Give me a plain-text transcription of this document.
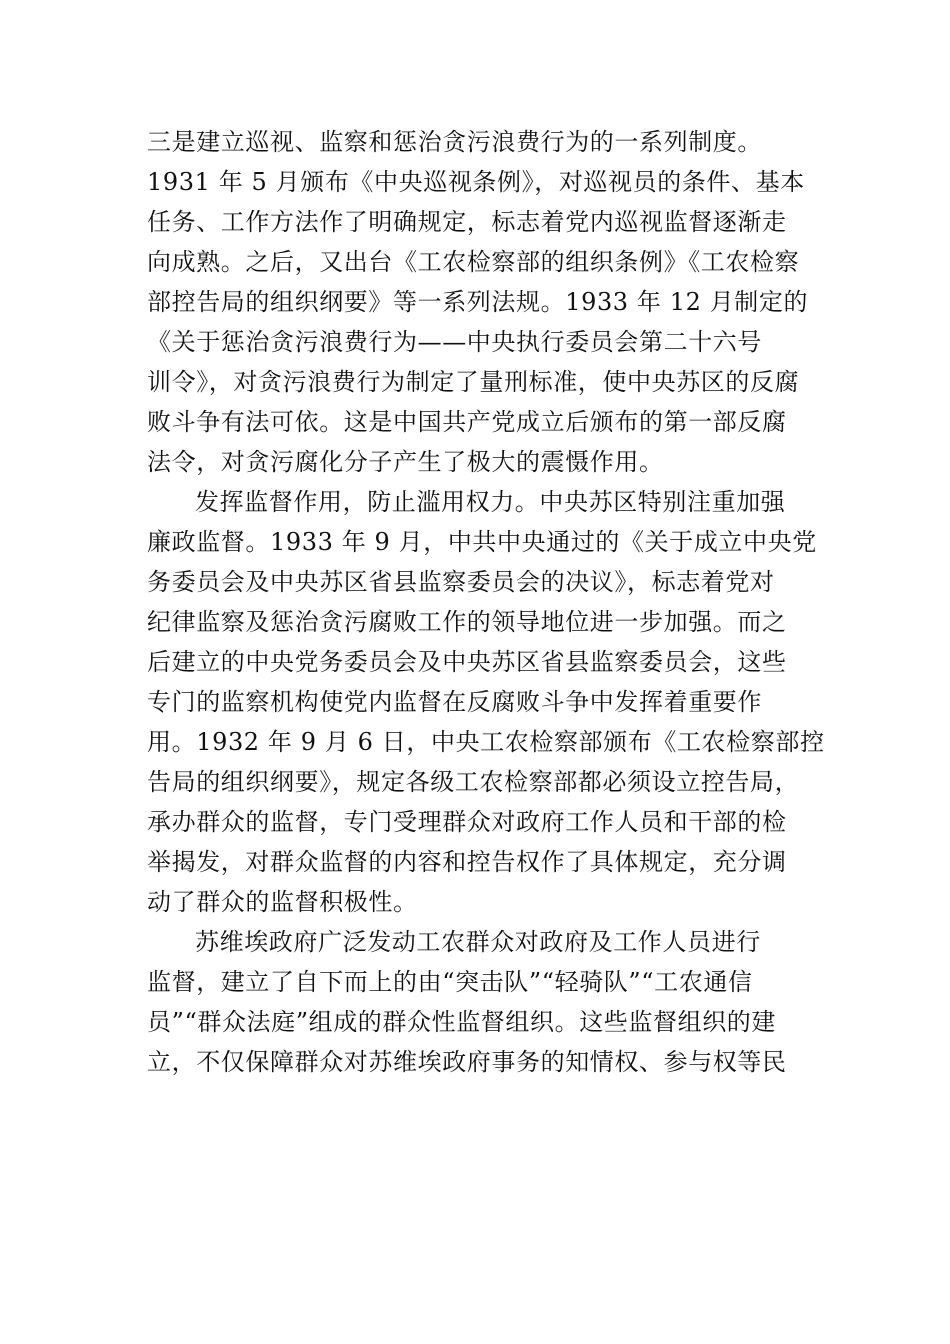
三是建立巡视、监察和惩治贪污浪费行为的一系列制度。
1931 年 5 月颁布《中央巡视条例》，对巡视员的条件、基本
任务、工作方法作了明确规定，标志着党内巡视监督逐渐走
向成熟。之后，又出台《工农检察部的组织条例》《工农检察
部控告局的组织纲要》等一系列法规。1933 年 12 月制定的
《关于惩治贪污浪费行为——中央执行委员会第二十六号
训令》，对贪污浪费行为制定了量刑标准，使中央苏区的反腐
败斗争有法可依。这是中国共产党成立后颁布的第一部反腐
法令，对贪污腐化分子产生了极大的震慑作用。
发挥监督作用，防止滥用权力。中央苏区特别注重加强
廉政监督。1933 年 9 月，中共中央通过的《关于成立中央党
务委员会及中央苏区省县监察委员会的决议》，标志着党对
纪律监察及惩治贪污腐败工作的领导地位进一步加强。而之
后建立的中央党务委员会及中央苏区省县监察委员会，这些
专门的监察机构使党内监督在反腐败斗争中发挥着重要作
用。1932 年 9 月 6 日，中央工农检察部颁布《工农检察部控
告局的组织纲要》，规定各级工农检察部都必须设立控告局，
承办群众的监督，专门受理群众对政府工作人员和干部的检
举揭发，对群众监督的内容和控告权作了具体规定，充分调
动了群众的监督积极性。
苏维埃政府广泛发动工农群众对政府及工作人员进行
监督，建立了自下而上的由“突击队”“轻骑队”“工农通信
员”“群众法庭”组成的群众性监督组织。这些监督组织的建
立，不仅保障群众对苏维埃政府事务的知情权、参与权等民
